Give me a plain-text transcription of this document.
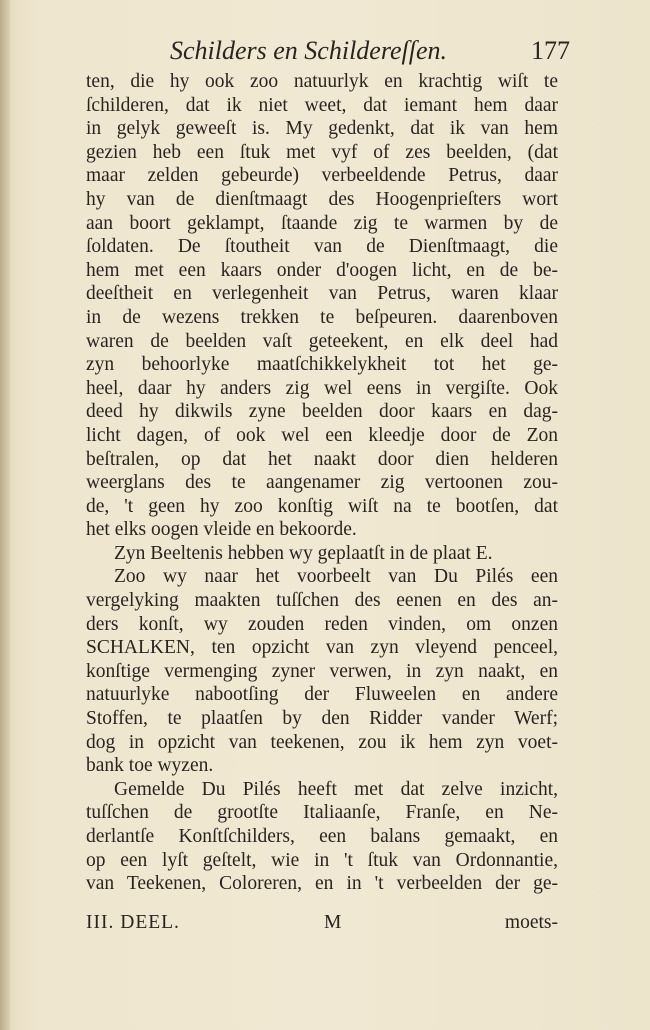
Schilders en Schildereſſen.	177
ten, die hy ook zoo natuurlyk en krachtig wiſt te
ſchilderen, dat ik niet weet, dat iemant hem daar
in gelyk geweeſt is. My gedenkt, dat ik van hem
gezien heb een ſtuk met vyf of zes beelden, (dat
maar zelden gebeurde) verbeeldende Petrus, daar
hy van de dienſtmaagt des Hoogenprieſters wort
aan boort geklampt, ſtaande zig te warmen by de
ſoldaten. De ſtoutheit van de Dienſtmaagt, die
hem met een kaars onder d'oogen licht, en de be-
deeſtheit en verlegenheit van Petrus, waren klaar
in de wezens trekken te beſpeuren. daarenboven
waren de beelden vaſt geteekent, en elk deel had
zyn behoorlyke maatſchikkelykheit tot het ge-
heel, daar hy anders zig wel eens in vergiſte. Ook
deed hy dikwils zyne beelden door kaars en dag-
licht dagen, of ook wel een kleedje door de Zon
beſtralen, op dat het naakt door dien helderen
weerglans des te aangenamer zig vertoonen zou-
de, 't geen hy zoo konſtig wiſt na te bootſen, dat
het elks oogen vleide en bekoorde.
Zyn Beeltenis hebben wy geplaatſt in de plaat E.
Zoo wy naar het voorbeelt van Du Pilés een
vergelyking maakten tuſſchen des eenen en des an-
ders konſt, wy zouden reden vinden, om onzen
SCHALKEN, ten opzicht van zyn vleyend penceel,
konſtige vermenging zyner verwen, in zyn naakt, en
natuurlyke nabootſing der Fluweelen en andere
Stoffen, te plaatſen by den Ridder vander Werf;
dog in opzicht van teekenen, zou ik hem zyn voet-
bank toe wyzen.
Gemelde Du Pilés heeft met dat zelve inzicht,
tuſſchen de grootſte Italiaanſe, Franſe, en Ne-
derlantſe Konſtſchilders, een balans gemaakt, en
op een lyſt geſtelt, wie in 't ſtuk van Ordonnantie,
van Teekenen, Coloreren, en in 't verbeelden der ge-
III. DEEL.	M	moets-
